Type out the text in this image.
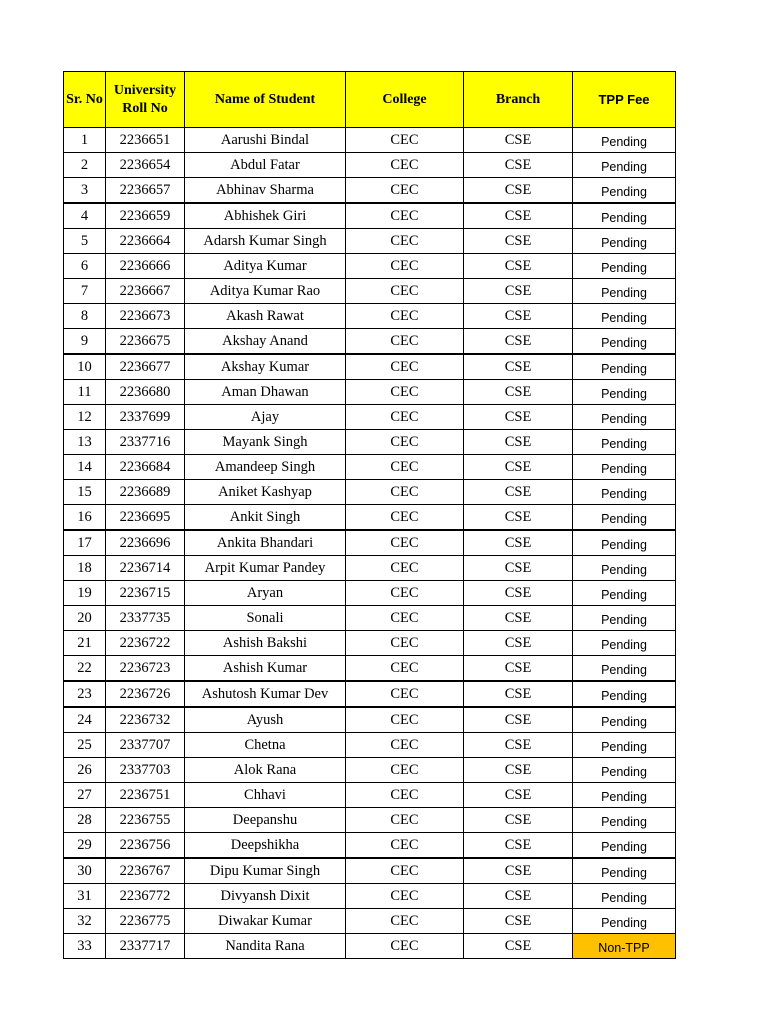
Sr. No	University Roll No	Name of Student	College	Branch	TPP Fee
1	2236651	Aarushi Bindal	CEC	CSE	Pending
2	2236654	Abdul Fatar	CEC	CSE	Pending
3	2236657	Abhinav Sharma	CEC	CSE	Pending
4	2236659	Abhishek Giri	CEC	CSE	Pending
5	2236664	Adarsh Kumar Singh	CEC	CSE	Pending
6	2236666	Aditya Kumar	CEC	CSE	Pending
7	2236667	Aditya Kumar Rao	CEC	CSE	Pending
8	2236673	Akash Rawat	CEC	CSE	Pending
9	2236675	Akshay Anand	CEC	CSE	Pending
10	2236677	Akshay Kumar	CEC	CSE	Pending
11	2236680	Aman Dhawan	CEC	CSE	Pending
12	2337699	Ajay	CEC	CSE	Pending
13	2337716	Mayank Singh	CEC	CSE	Pending
14	2236684	Amandeep Singh	CEC	CSE	Pending
15	2236689	Aniket Kashyap	CEC	CSE	Pending
16	2236695	Ankit Singh	CEC	CSE	Pending
17	2236696	Ankita Bhandari	CEC	CSE	Pending
18	2236714	Arpit Kumar Pandey	CEC	CSE	Pending
19	2236715	Aryan	CEC	CSE	Pending
20	2337735	Sonali	CEC	CSE	Pending
21	2236722	Ashish Bakshi	CEC	CSE	Pending
22	2236723	Ashish Kumar	CEC	CSE	Pending
23	2236726	Ashutosh Kumar Dev	CEC	CSE	Pending
24	2236732	Ayush	CEC	CSE	Pending
25	2337707	Chetna	CEC	CSE	Pending
26	2337703	Alok Rana	CEC	CSE	Pending
27	2236751	Chhavi	CEC	CSE	Pending
28	2236755	Deepanshu	CEC	CSE	Pending
29	2236756	Deepshikha	CEC	CSE	Pending
30	2236767	Dipu Kumar Singh	CEC	CSE	Pending
31	2236772	Divyansh Dixit	CEC	CSE	Pending
32	2236775	Diwakar Kumar	CEC	CSE	Pending
33	2337717	Nandita Rana	CEC	CSE	Non-TPP
